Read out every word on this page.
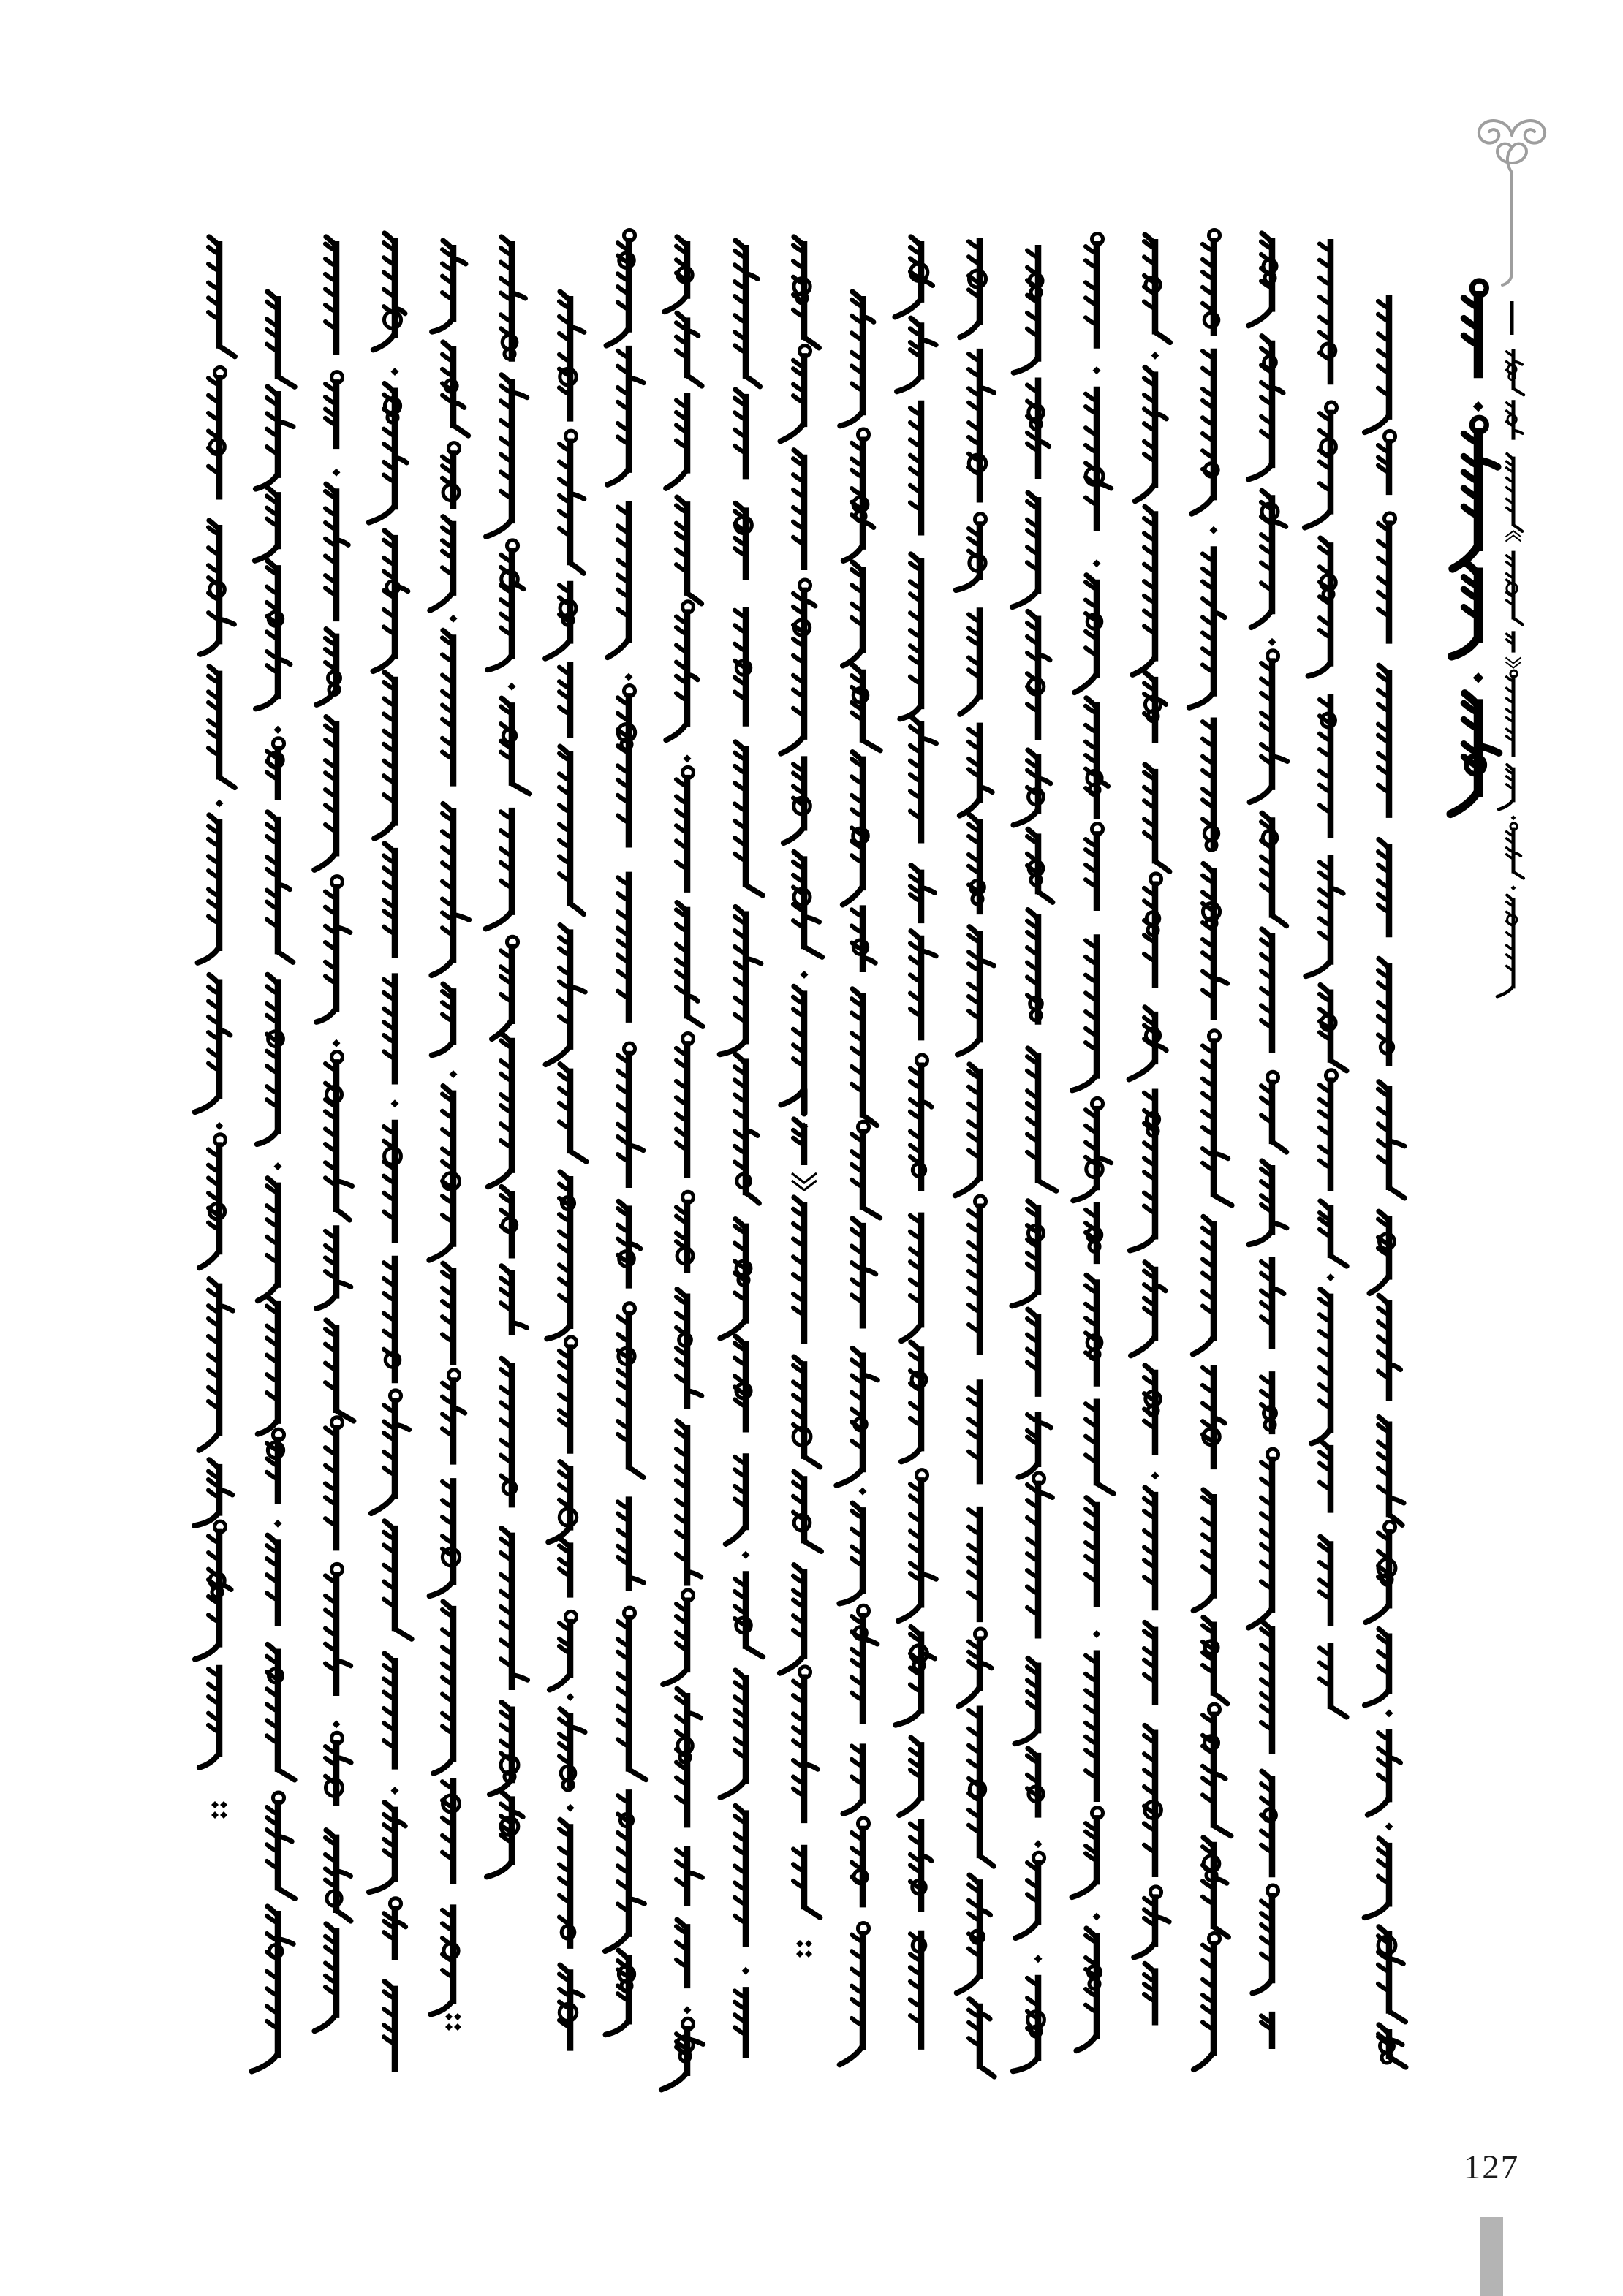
127
